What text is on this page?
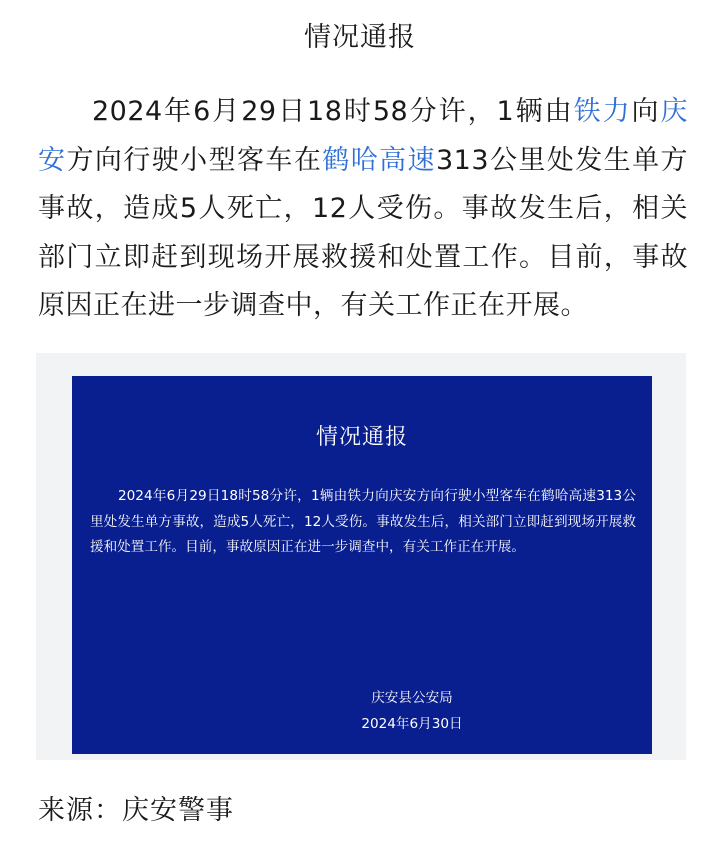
情况通报
2024年6月29日18时58分许，1辆由铁力向庆安方向行驶小型客车在鹤哈高速313公里处发生单方事故，造成5人死亡，12人受伤。事故发生后，相关部门立即赶到现场开展救援和处置工作。目前，事故原因正在进一步调查中，有关工作正在开展。
情况通报
2024年6月29日18时58分许，1辆由铁力向庆安方向行驶小型客车在鹤哈高速313公里处发生单方事故，造成5人死亡，12人受伤。事故发生后，相关部门立即赶到现场开展救援和处置工作。目前，事故原因正在进一步调查中，有关工作正在开展。
庆安县公安局
2024年6月30日
来源：庆安警事
